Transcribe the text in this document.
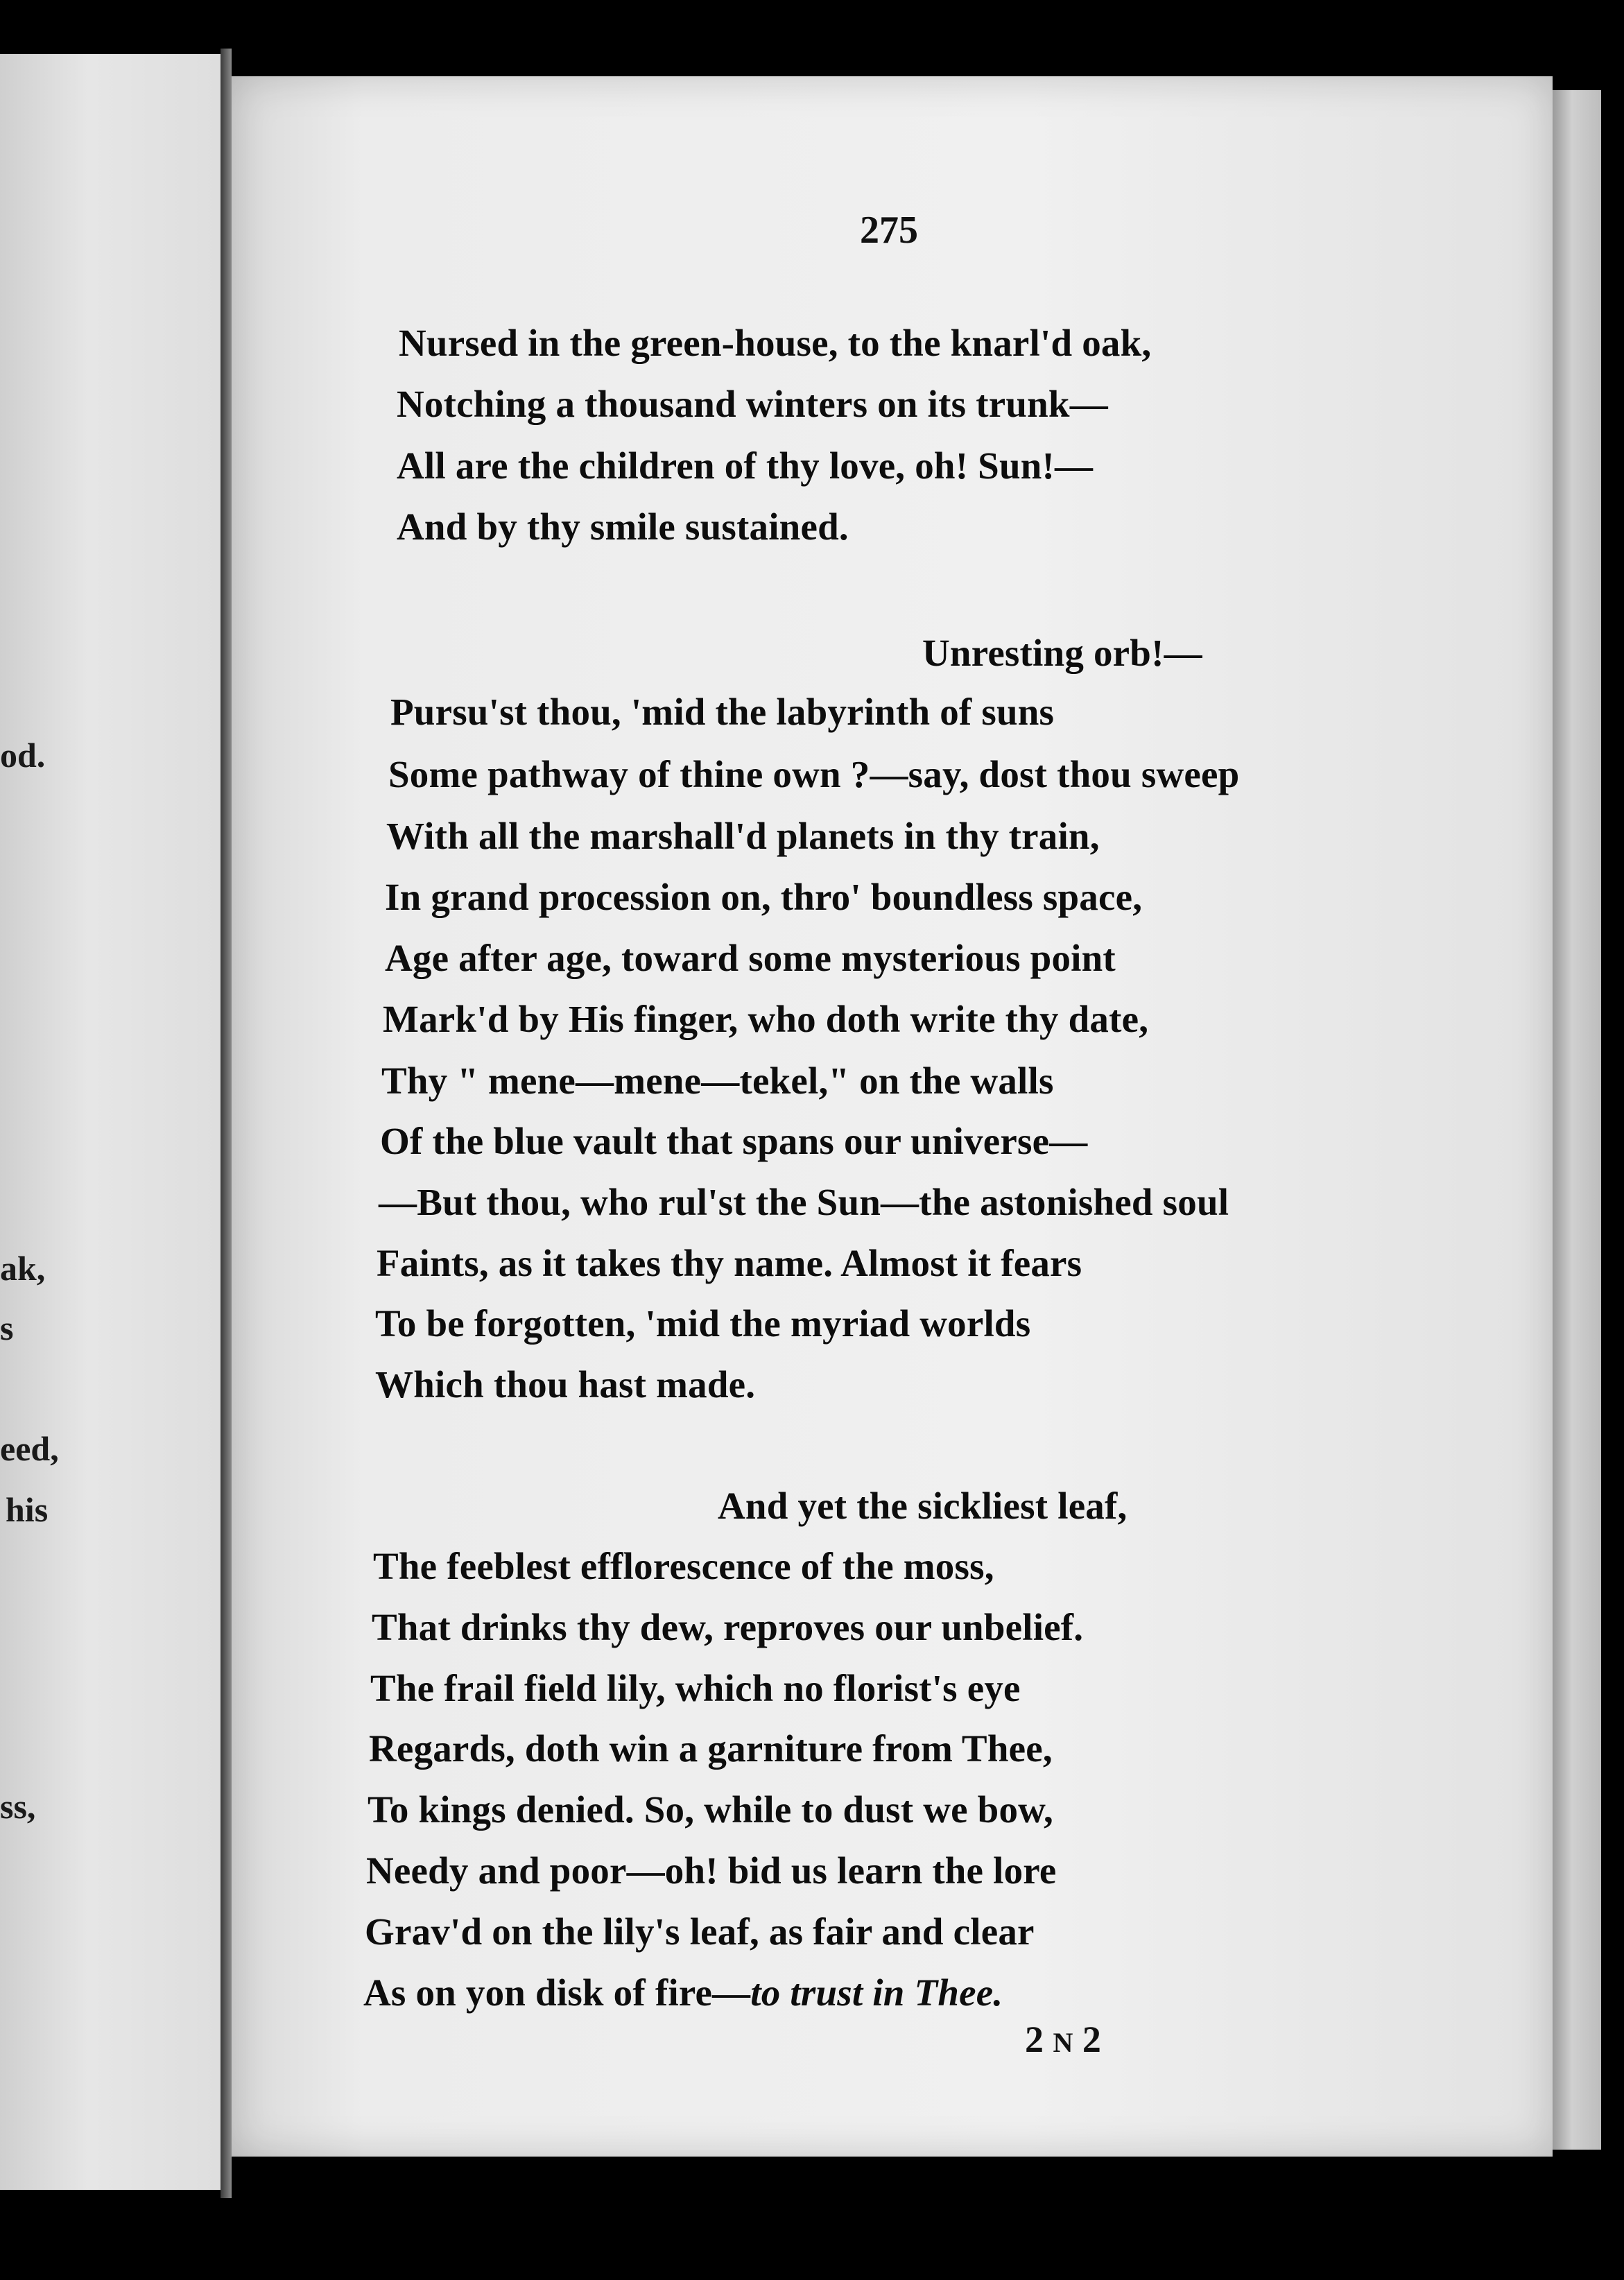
od.
ak,
s
eed,
his
ss,
275
Nursed in the green-house, to the knarl'd oak,
Notching a thousand winters on its trunk—
All are the children of thy love, oh! Sun!—
And by thy smile sustained.
Unresting orb!—
Pursu'st thou, 'mid the labyrinth of suns
Some pathway of thine own ?—say, dost thou sweep
With all the marshall'd planets in thy train,
In grand procession on, thro' boundless space,
Age after age, toward some mysterious point
Mark'd by His finger, who doth write thy date,
Thy " mene—mene—tekel," on the walls
Of the blue vault that spans our universe—
—But thou, who rul'st the Sun—the astonished soul
Faints, as it takes thy name. Almost it fears
To be forgotten, 'mid the myriad worlds
Which thou hast made.
And yet the sickliest leaf,
The feeblest efflorescence of the moss,
That drinks thy dew, reproves our unbelief.
The frail field lily, which no florist's eye
Regards, doth win a garniture from Thee,
To kings denied. So, while to dust we bow,
Needy and poor—oh! bid us learn the lore
Grav'd on the lily's leaf, as fair and clear
As on yon disk of fire—to trust in Thee.
2 N 2
